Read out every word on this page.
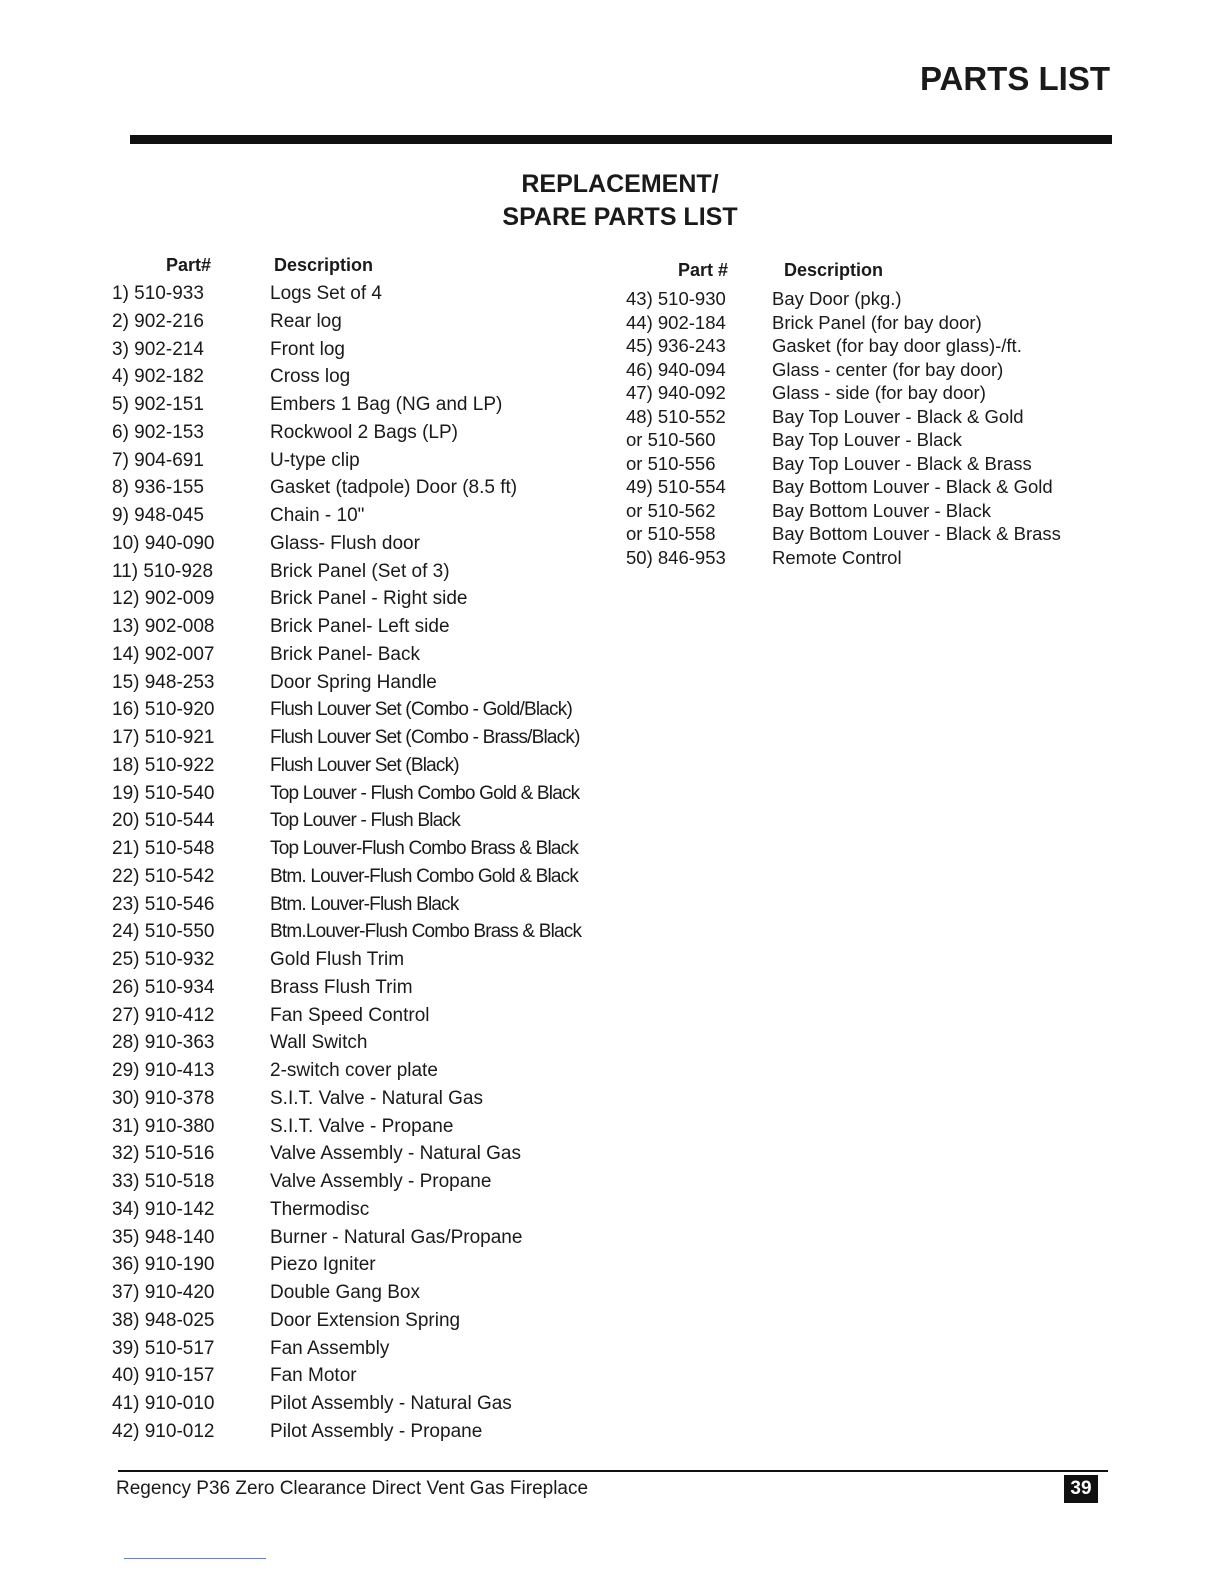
PARTS LIST
REPLACEMENT/
SPARE PARTS LIST
Part#	Description
1) 510-933	Logs Set of 4
2) 902-216	Rear log
3) 902-214	Front log
4) 902-182	Cross log
5) 902-151	Embers 1 Bag (NG and LP)
6) 902-153	Rockwool 2 Bags (LP)
7) 904-691	U-type clip
8) 936-155	Gasket (tadpole) Door (8.5 ft)
9) 948-045	Chain - 10"
10) 940-090	Glass- Flush door
11) 510-928	Brick Panel (Set of 3)
12) 902-009	Brick Panel - Right side
13) 902-008	Brick Panel- Left side
14) 902-007	Brick Panel- Back
15) 948-253	Door Spring Handle
16) 510-920	Flush Louver Set (Combo - Gold/Black)
17) 510-921	Flush Louver Set (Combo - Brass/Black)
18) 510-922	Flush Louver Set (Black)
19) 510-540	Top Louver - Flush Combo Gold & Black
20) 510-544	Top Louver - Flush Black
21) 510-548	Top Louver-Flush Combo Brass & Black
22) 510-542	Btm. Louver-Flush Combo Gold & Black
23) 510-546	Btm. Louver-Flush Black
24) 510-550	Btm.Louver-Flush Combo Brass & Black
25) 510-932	Gold Flush Trim
26) 510-934	Brass Flush Trim
27) 910-412	Fan Speed Control
28) 910-363	Wall Switch
29) 910-413	2-switch cover plate
30) 910-378	S.I.T. Valve - Natural Gas
31) 910-380	S.I.T. Valve - Propane
32) 510-516	Valve Assembly - Natural Gas
33) 510-518	Valve Assembly - Propane
34) 910-142	Thermodisc
35) 948-140	Burner - Natural Gas/Propane
36) 910-190	Piezo Igniter
37) 910-420	Double Gang Box
38) 948-025	Door Extension Spring
39) 510-517	Fan Assembly
40) 910-157	Fan Motor
41) 910-010	Pilot Assembly - Natural Gas
42) 910-012	Pilot Assembly - Propane
Part #	Description
43) 510-930 Bay Door (pkg.)
44) 902-184 Brick Panel (for bay door)
45) 936-243 Gasket (for bay door glass)-/ft.
46) 940-094 Glass - center (for bay door)
47) 940-092 Glass - side (for bay door)
48) 510-552 Bay Top Louver - Black & Gold
or 510-560	Bay Top Louver - Black
or 510-556	Bay Top Louver - Black & Brass
49) 510-554 Bay Bottom Louver - Black & Gold
or 510-562	Bay Bottom Louver - Black
or 510-558	Bay Bottom Louver - Black & Brass
50) 846-953 Remote Control

Regency P36 Zero Clearance Direct Vent Gas Fireplace	39
